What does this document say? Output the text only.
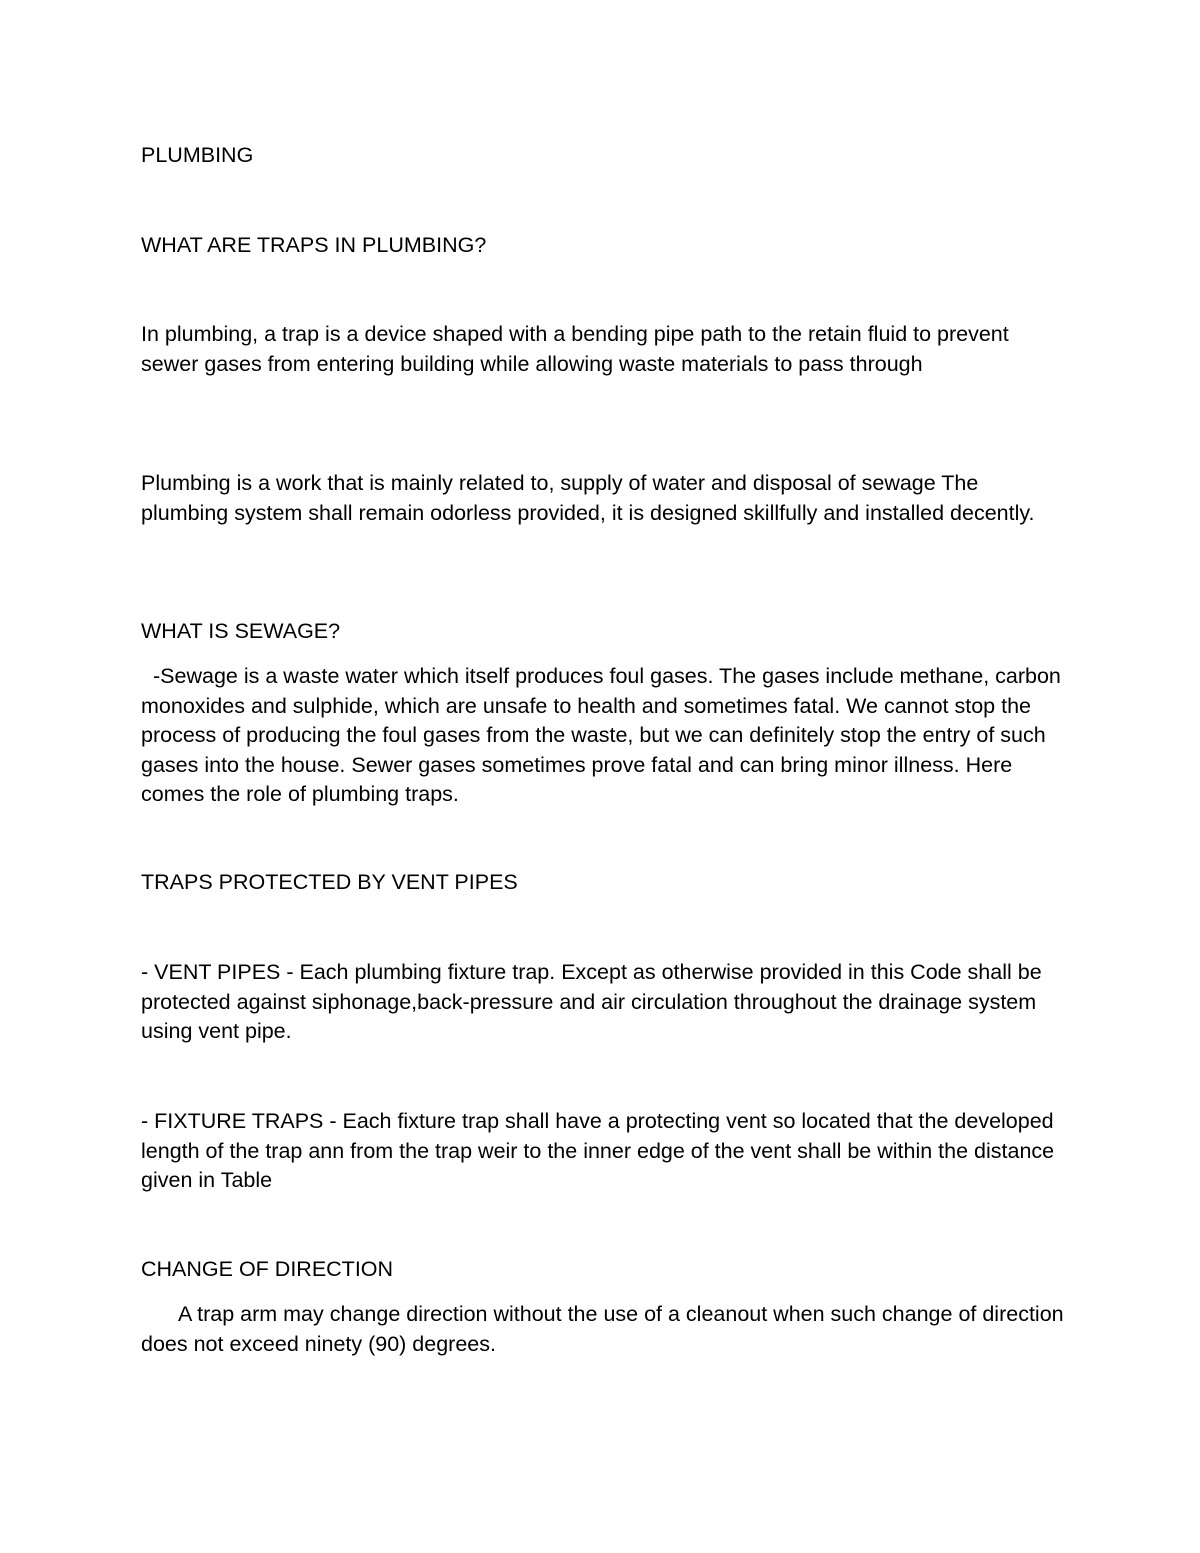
PLUMBING

WHAT ARE TRAPS IN PLUMBING?

In plumbing, a trap is a device shaped with a bending pipe path to the retain fluid to prevent sewer gases from entering building while allowing waste materials to pass through

Plumbing is a work that is mainly related to, supply of water and disposal of sewage The plumbing system shall remain odorless provided, it is designed skillfully and installed decently.

WHAT IS SEWAGE?

-Sewage is a waste water which itself produces foul gases. The gases include methane, carbon monoxides and sulphide, which are unsafe to health and sometimes fatal. We cannot stop the process of producing the foul gases from the waste, but we can definitely stop the entry of such gases into the house. Sewer gases sometimes prove fatal and can bring minor illness. Here comes the role of plumbing traps.

TRAPS PROTECTED BY VENT PIPES

- VENT PIPES - Each plumbing fixture trap. Except as otherwise provided in this Code shall be protected against siphonage,back-pressure and air circulation throughout the drainage system using vent pipe.

- FIXTURE TRAPS - Each fixture trap shall have a protecting vent so located that the developed length of the trap ann from the trap weir to the inner edge of the vent shall be within the distance given in Table

CHANGE OF DIRECTION

A trap arm may change direction without the use of a cleanout when such change of direction does not exceed ninety (90) degrees.
